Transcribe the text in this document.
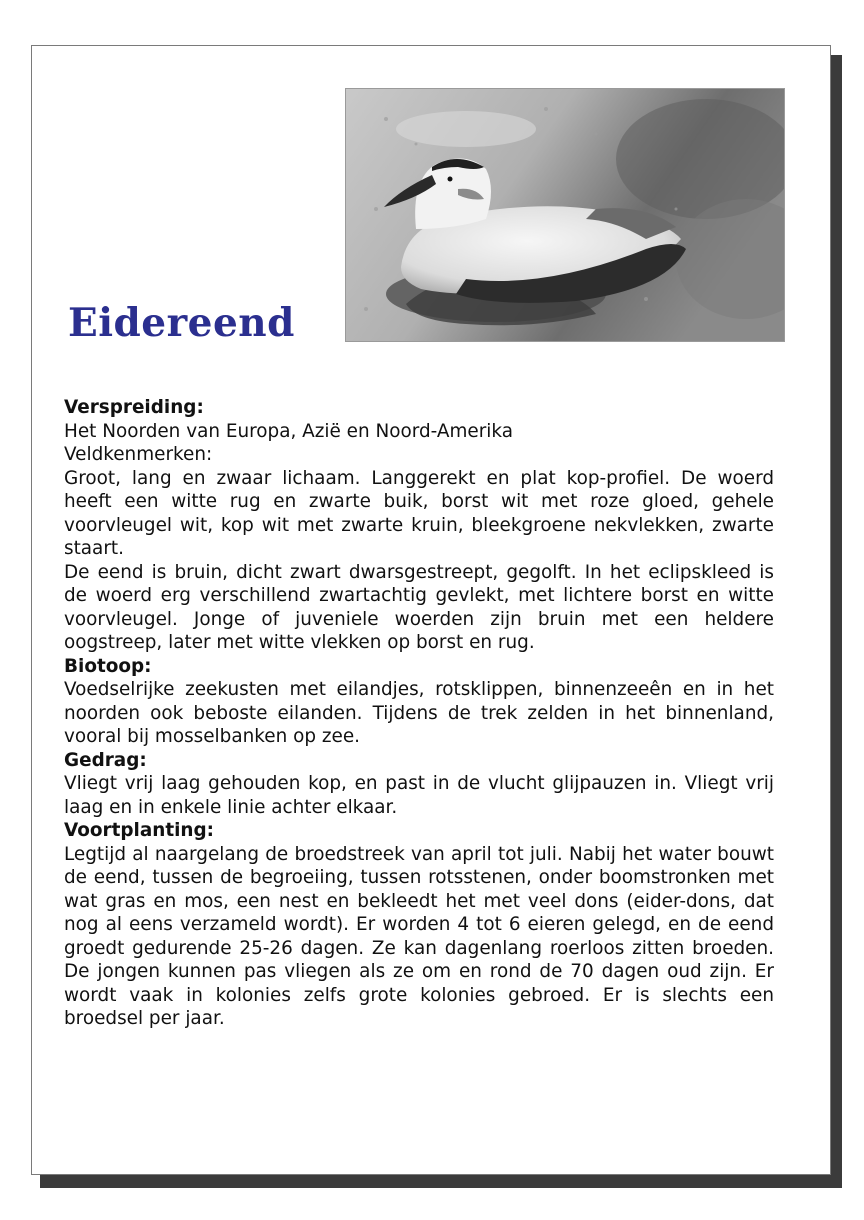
Eidereend
Verspreiding:

Het Noorden van Europa, Azië en Noord-Amerika

Veldkenmerken:

Groot, lang en zwaar lichaam. Langgerekt en plat kop-profiel. De woerd heeft een witte rug en zwarte buik, borst wit met roze gloed, gehele voorvleugel wit, kop wit met zwarte kruin, bleekgroene nekvlekken, zwarte staart.

De eend is bruin, dicht zwart dwarsgestreept, gegolft. In het eclipskleed is de woerd erg verschillend zwartachtig gevlekt, met lichtere borst en witte voorvleugel. Jonge of juveniele woerden zijn bruin met een heldere oogstreep, later met witte vlekken op borst en rug.

Biotoop:

Voedselrijke zeekusten met eilandjes, rotsklippen, binnenzeeên en in het noorden ook beboste eilanden. Tijdens de trek zelden in het binnenland, vooral bij mosselbanken op zee.

Gedrag:

Vliegt vrij laag gehouden kop, en past in de vlucht glijpauzen in. Vliegt vrij laag en in enkele linie achter elkaar.

Voortplanting:

Legtijd al naargelang de broedstreek van april tot juli. Nabij het water bouwt de eend, tussen de begroeiing, tussen rotsstenen, onder boomstronken met wat gras en mos, een nest en bekleedt het met veel dons (eider-dons, dat nog al eens verzameld wordt). Er worden 4 tot 6 eieren gelegd, en de eend groedt gedurende 25-26 dagen. Ze kan dagenlang roerloos zitten broeden. De jongen kunnen pas vliegen als ze om en rond de 70 dagen oud zijn. Er wordt vaak in kolonies zelfs grote kolonies gebroed. Er is slechts een broedsel per jaar.
